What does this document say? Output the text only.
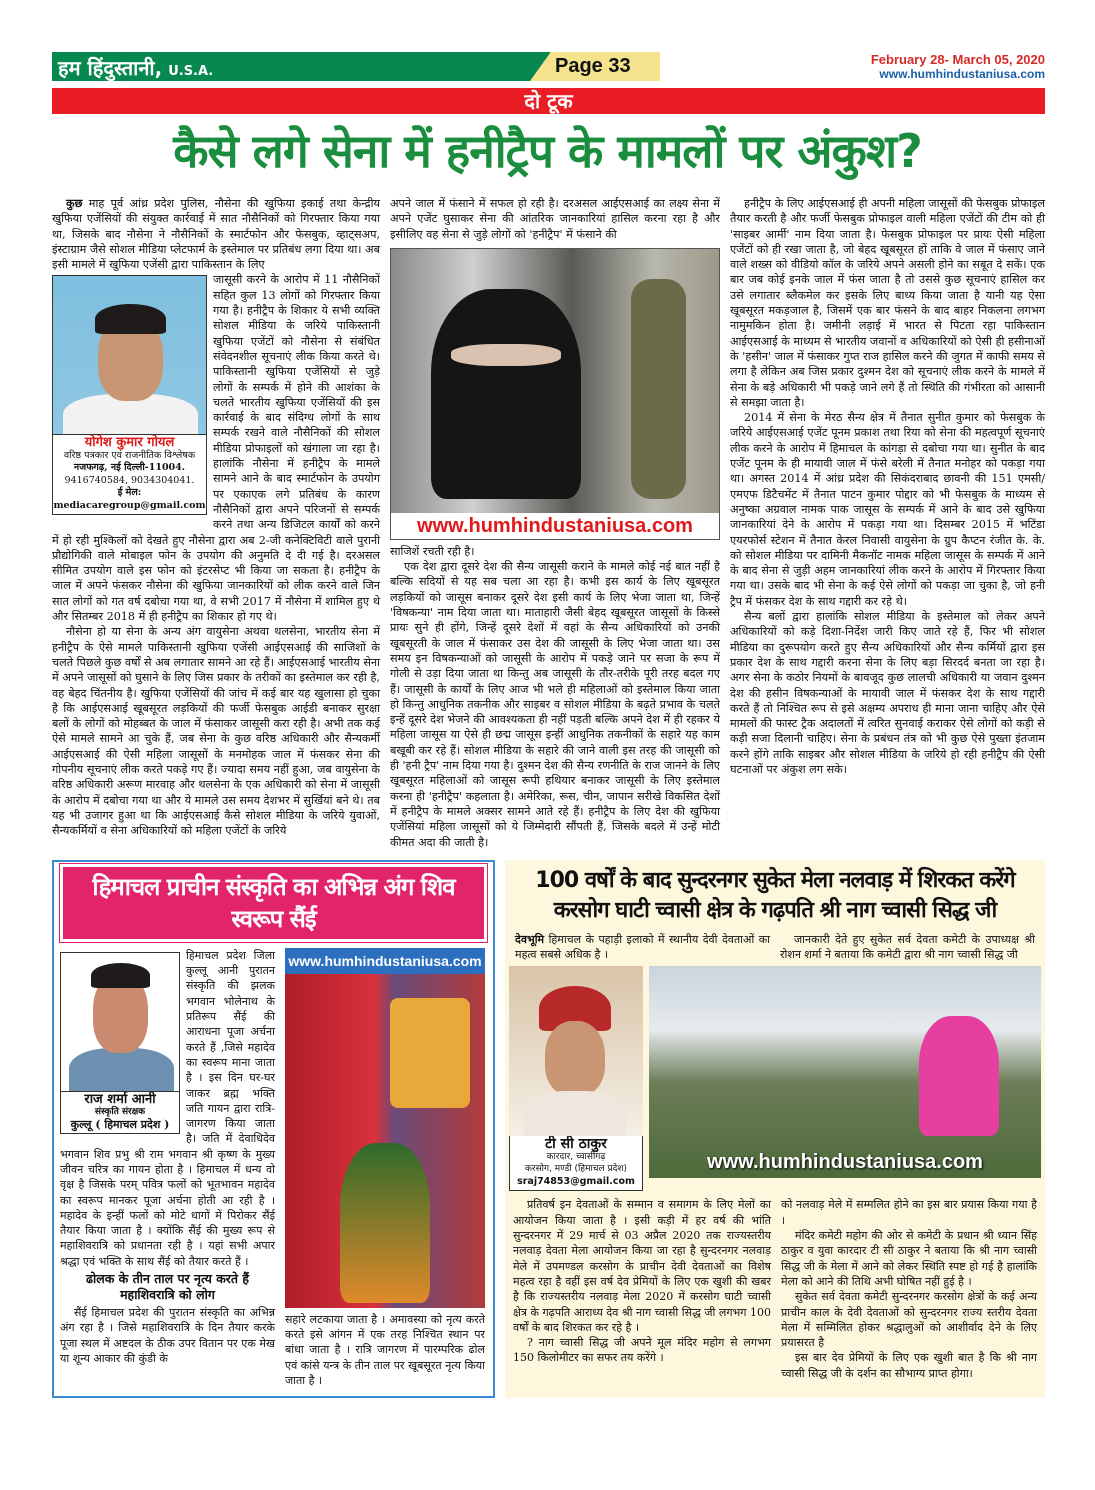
हम हिंदुस्तानी, U.S.A.	Page 33	February 28- March 05, 2020
www.humhindustaniusa.com
दो टूक
कैसे लगे सेना में हनीट्रैप के मामलों पर अंकुश?

कुछ माह पूर्व आंध्र प्रदेश पुलिस, नौसेना की खुफिया इकाई तथा केन्द्रीय खुफिया एजेंसियों की संयुक्त कार्रवाई में सात नौसैनिकों को गिरफ्तार किया गया था, जिसके बाद नौसेना ने नौसैनिकों के स्मार्टफोन और फेसबुक, व्हाट्सअप, इंस्टाग्राम जैसे सोशल मीडिया प्लेटफार्म के इस्तेमाल पर प्रतिबंध लगा दिया था। अब इसी मामले में खुफिया एजेंसी द्वारा पाकिस्तान के लिए

योगेश कुमार गोयल
वरिष्ठ पत्रकार एवं राजनीतिक विश्लेषक
नजफगढ़, नई दिल्ली-11004.
9416740584, 9034304041.
ई मेल: mediacaregroup@gmail.com

जासूसी करने के आरोप में 11 नौसैनिकों सहित कुल 13 लोगों को गिरफ्तार किया गया है। हनीट्रैप के शिकार ये सभी व्यक्ति सोशल मीडिया के जरिये पाकिस्तानी खुफिया एजेंटों को नौसेना से संबंधित संवेदनशील सूचनाएं लीक किया करते थे। पाकिस्तानी खुफिया एजेंसियों से जुड़े लोगों के सम्पर्क में होने की आशंका के चलते भारतीय खुफिया एजेंसियों की इस कार्रवाई के बाद संदिग्ध लोगों के साथ सम्पर्क रखने वाले नौसैनिकों की सोशल मीडिया प्रोफाइलों को खंगाला जा रहा है। हालांकि नौसेना में हनीट्रैप के मामले सामने आने के बाद स्मार्टफोन के उपयोग पर एकाएक लगे प्रतिबंध के कारण नौसैनिकों द्वारा अपने परिजनों से सम्पर्क करने तथा अन्य डिजिटल कार्यों को करने में हो रही मुश्किलों को देखते हुए नौसेना द्वारा अब 2-जी कनेक्टिविटी वाले पुरानी प्रौद्योगिकी वाले मोबाइल फोन के उपयोग की अनुमति दे दी गई है। दरअसल सीमित उपयोग वाले इस फोन को इंटरसेप्ट भी किया जा सकता है। हनीट्रैप के जाल में अपने फंसकर नौसेना की खुफिया जानकारियों को लीक करने वाले जिन सात लोगों को गत वर्ष दबोचा गया था, वे सभी 2017 में नौसेना में शामिल हुए थे और सितम्बर 2018 में ही हनीट्रैप का शिकार हो गए थे।

नौसेना हो या सेना के अन्य अंग वायुसेना अथवा थलसेना, भारतीय सेना में हनीट्रैप के ऐसे मामले पाकिस्तानी खुफिया एजेंसी आईएसआई की साजिशों के चलते पिछले कुछ वर्षों से अब लगातार सामने आ रहे हैं। आईएसआई भारतीय सेना में अपने जासूसों को घुसाने के लिए जिस प्रकार के तरीकों का इस्तेमाल कर रही है, वह बेहद चिंतनीय है। खुफिया एजेंसियों की जांच में कई बार यह खुलासा हो चुका है कि आईएसआई खूबसूरत लड़कियों की फर्जी फेसबुक आईडी बनाकर सुरक्षा बलों के लोगों को मोहब्बत के जाल में फंसाकर जासूसी करा रही है। अभी तक कई ऐसे मामले सामने आ चुके हैं, जब सेना के कुछ वरिष्ठ अधिकारी और सैन्यकर्मी आईएसआई की ऐसी महिला जासूसों के मनमोहक जाल में फंसकर सेना की गोपनीय सूचनाएं लीक करते पकड़े गए हैं। ज्यादा समय नहीं हुआ, जब वायुसेना के वरिष्ठ अधिकारी अरूण मारवाह और थलसेना के एक अधिकारी को सेना में जासूसी के आरोप में दबोचा गया था और ये मामले उस समय देशभर में सुर्खियां बने थे। तब यह भी उजागर हुआ था कि आईएसआई कैसे सोशल मीडिया के जरिये युवाओं, सैन्यकर्मियों व सेना अधिकारियों को महिला एजेंटों के जरिये

अपने जाल में फंसाने में सफल हो रही है। दरअसल आईएसआई का लक्ष्य सेना में अपने एजेंट घुसाकर सेना की आंतरिक जानकारियां हासिल करना रहा है और इसीलिए वह सेना से जुड़े लोगों को 'हनीट्रैप' में फंसाने की

www.humhindustaniusa.com

साजिशें रचती रही है।

एक देश द्वारा दूसरे देश की सैन्य जासूसी कराने के मामले कोई नई बात नहीं है बल्कि सदियों से यह सब चला आ रहा है। कभी इस कार्य के लिए खूबसूरत लड़कियों को जासूस बनाकर दूसरे देश इसी कार्य के लिए भेजा जाता था, जिन्हें 'विषकन्या' नाम दिया जाता था। माताहारी जैसी बेहद खूबसूरत जासूसों के किस्से प्रायः सुने ही होंगे, जिन्हें दूसरे देशों में वहां के सैन्य अधिकारियों को उनकी खूबसूरती के जाल में फंसाकर उस देश की जासूसी के लिए भेजा जाता था। उस समय इन विषकन्याओं को जासूसी के आरोप में पकड़े जाने पर सजा के रूप में गोली से उड़ा दिया जाता था किन्तु अब जासूसी के तौर-तरीके पूरी तरह बदल गए हैं। जासूसी के कार्यों के लिए आज भी भले ही महिलाओं को इस्तेमाल किया जाता हो किन्तु आधुनिक तकनीक और साइबर व सोशल मीडिया के बढ़ते प्रभाव के चलते इन्हें दूसरे देश भेजने की आवश्यकता ही नहीं पड़ती बल्कि अपने देश में ही रहकर ये महिला जासूस या ऐसे ही छद्म जासूस इन्हीं आधुनिक तकनीकों के सहारे यह काम बखूबी कर रहे हैं। सोशल मीडिया के सहारे की जाने वाली इस तरह की जासूसी को ही 'हनी ट्रैप' नाम दिया गया है। दुश्मन देश की सैन्य रणनीति के राज जानने के लिए खूबसूरत महिलाओं को जासूस रूपी हथियार बनाकर जासूसी के लिए इस्तेमाल करना ही 'हनीट्रैप' कहलाता है। अमेरिका, रूस, चीन, जापान सरीखे विकसित देशों में हनीट्रैप के मामले अक्सर सामने आते रहे हैं। हनीट्रैप के लिए देश की खुफिया एजेंसियां महिला जासूसों को ये जिम्मेदारी सौंपती हैं, जिसके बदले में उन्हें मोटी कीमत अदा की जाती है।

हनीट्रैप के लिए आईएसआई ही अपनी महिला जासूसों की फेसबुक प्रोफाइल तैयार करती है और फर्जी फेसबुक प्रोफाइल वाली महिला एजेंटों की टीम को ही 'साइबर आर्मी' नाम दिया जाता है। फेसबुक प्रोफाइल पर प्रायः ऐसी महिला एजेंटों को ही रखा जाता है, जो बेहद खूबसूरत हों ताकि वे जाल में फंसाए जाने वाले शख्स को वीडियो कॉल के जरिये अपने असली होने का सबूत दे सकें। एक बार जब कोई इनके जाल में फंस जाता है तो उससे कुछ सूचनाएं हासिल कर उसे लगातार ब्लैकमेल कर इसके लिए बाध्य किया जाता है यानी यह ऐसा खूबसूरत मकड़जाल है, जिसमें एक बार फंसने के बाद बाहर निकलना लगभग नामुमकिन होता है। जमीनी लड़ाई में भारत से पिटता रहा पाकिस्तान आईएसआई के माध्यम से भारतीय जवानों व अधिकारियों को ऐसी ही हसीनाओं के 'हसीन' जाल में फंसाकर गुप्त राज हासिल करने की जुगत में काफी समय से लगा है लेकिन अब जिस प्रकार दुश्मन देश को सूचनाएं लीक करने के मामले में सेना के बड़े अधिकारी भी पकड़े जाने लगे हैं तो स्थिति की गंभीरता को आसानी से समझा जाता है।

2014 में सेना के मेरठ सैन्य क्षेत्र में तैनात सुनीत कुमार को फेसबुक के जरिये आईएसआई एजेंट पूनम प्रकाश तथा रिया को सेना की महत्वपूर्ण सूचनाएं लीक करने के आरोप में हिमाचल के कांगड़ा से दबोचा गया था। सुनीत के बाद एजेंट पूनम के ही मायावी जाल में फंसे बरेली में तैनात मनोहर को पकड़ा गया था। अगस्त 2014 में आंध्र प्रदेश की सिकंदराबाद छावनी की 151 एमसी/एमएफ डिटैचमेंट में तैनात पाटन कुमार पोद्दार को भी फेसबुक के माध्यम से अनुष्का अग्रवाल नामक पाक जासूस के सम्पर्क में आने के बाद उसे खुफिया जानकारियां देने के आरोप में पकड़ा गया था। दिसम्बर 2015 में भटिंडा एयरफोर्स स्टेशन में तैनात केरल निवासी वायुसेना के ग्रुप कैप्टन रंजीत के. के. को सोशल मीडिया पर दामिनी मैकनॉट नामक महिला जासूस के सम्पर्क में आने के बाद सेना से जुड़ी अहम जानकारियां लीक करने के आरोप में गिरफ्तार किया गया था। उसके बाद भी सेना के कई ऐसे लोगों को पकड़ा जा चुका है, जो हनी ट्रैप में फंसकर देश के साथ गद्दारी कर रहे थे।

सैन्य बलों द्वारा हालांकि सोशल मीडिया के इस्तेमाल को लेकर अपने अधिकारियों को कड़े दिशा-निर्देश जारी किए जाते रहे हैं, फिर भी सोशल मीडिया का दुरूपयोग करते हुए सैन्य अधिकारियों और सैन्य कर्मियों द्वारा इस प्रकार देश के साथ गद्दारी करना सेना के लिए बड़ा सिरदर्द बनता जा रहा है। अगर सेना के कठोर नियमों के बावजूद कुछ लालची अधिकारी या जवान दुश्मन देश की हसीन विषकन्याओं के मायावी जाल में फंसकर देश के साथ गद्दारी करते हैं तो निश्चित रूप से इसे अक्षम्य अपराध ही माना जाना चाहिए और ऐसे मामलों की फास्ट ट्रैक अदालतों में त्वरित सुनवाई कराकर ऐसे लोगों को कड़ी से कड़ी सजा दिलानी चाहिए। सेना के प्रबंधन तंत्र को भी कुछ ऐसे पुख्ता इंतजाम करने होंगे ताकि साइबर और सोशल मीडिया के जरिये हो रही हनीट्रैप की ऐसी घटनाओं पर अंकुश लग सके।

हिमाचल प्राचीन संस्कृति का अभिन्न अंग शिव स्वरूप सैंई
राज शर्मा आनी
संस्कृति संरक्षक
कुल्लू ( हिमाचल प्रदेश )

हिमाचल प्रदेश जिला कुल्लू आनी पुरातन संस्कृति की झलक भगवान भोलेनाथ के प्रतिरूप सैंई की आराधना पूजा अर्चना करते हैं ,जिसे महादेव का स्वरूप माना जाता है । इस दिन घर-घर जाकर ब्रह्म भक्ति जति गायन द्वारा रात्रि-जागरण किया जाता है। जति में देवाधिदेव भगवान शिव प्रभु श्री राम भगवान श्री कृष्ण के मुख्य जीवन चरित्र का गायन होता है । हिमाचल में धन्य वो वृक्ष है जिसके परम् पवित्र फलों को भूतभावन महादेव का स्वरूप मानकर पूजा अर्चना होती आ रही है । महादेव के इन्हीं फलों को मोटे धागों में पिरोकर सैंई तैयार किया जाता है । क्योंकि सैंई की मुख्य रूप से महाशिवरात्रि को प्रधानता रही है । यहां सभी अपार श्रद्धा एवं भक्ति के साथ सैंई को तैयार करते हैं ।

ढोलक के तीन ताल पर नृत्य करते हैं महाशिवरात्रि को लोग

सैंई हिमाचल प्रदेश की पुरातन संस्कृति का अभिन्न अंग रहा है । जिसे महाशिवरात्रि के दिन तैयार करके पूजा स्थल में अष्टदल के ठीक उपर वितान पर एक मेख या शून्य आकार की कुंडी के

www.humhindustaniusa.com

सहारे लटकाया जाता है । अमावस्या को नृत्य करते करते इसे आंगन में एक तरह निश्चित स्थान पर बांधा जाता है । रात्रि जागरण में पारम्परिक ढोल एवं कांसे यन्त्र के तीन ताल पर खूबसूरत नृत्य किया जाता है ।

100 वर्षों के बाद सुन्दरनगर सुकेत मेला नलवाड़ में शिरकत करेंगे
करसोग घाटी च्वासी क्षेत्र के गढ़पति श्री नाग च्वासी सिद्ध जी

देवभूमि हिमाचल के पहाड़ी इलाको में स्थानीय देवी देवताओं का महत्व सबसे अधिक है ।

जानकारी देते हुए सुकेत सर्व देवता कमेटी के उपाध्यक्ष श्री रोशन शर्मा ने बताया कि कमेटी द्वारा श्री नाग च्वासी सिद्ध जी

टी सी ठाकुर
कारदार, च्वासीगढ़
करसोग, मण्डी (हिमाचल प्रदेश)
sraj74853@gmail.com
www.humhindustaniusa.com

प्रतिवर्ष इन देवताओं के सम्मान व समागम के लिए मेलों का आयोजन किया जाता है । इसी कड़ी में हर वर्ष की भांति सुन्दरनगर में 29 मार्च से 03 अप्रैल 2020 तक राज्यस्तरीय नलवाड़ देवता मेला आयोजन किया जा रहा है सुन्दरनगर नलवाड़ मेले में उपमण्डल करसोग के प्राचीन देवी देवताओं का विशेष महत्व रहा है वहीं इस वर्ष देव प्रेमियों के लिए एक खुशी की खबर है कि राज्यस्तरीय नलवाड़ मेला 2020 में करसोग घाटी च्वासी क्षेत्र के गढ़पति आराध्य देव श्री नाग च्वासी सिद्ध जी लगभग 100 वर्षों के बाद शिरकत कर रहे है ।

? नाग च्वासी सिद्ध जी अपने मूल मंदिर महोग से लगभग 150 किलोमीटर का सफर तय करेंगे ।

को नलवाड़ मेले में सम्मलित होने का इस बार प्रयास किया गया है ।

मंदिर कमेटी महोग की ओर से कमेटी के प्रधान श्री ध्यान सिंह ठाकुर व युवा कारदार टी सी ठाकुर ने बताया कि श्री नाग च्वासी सिद्ध जी के मेला में आने को लेकर स्थिति स्पष्ट हो गई है हालांकि मेला को आने की तिथि अभी घोषित नहीं हुई है ।

सुकेत सर्व देवता कमेटी सुन्दरनगर करसोग क्षेत्रों के कई अन्य प्राचीन काल के देवी देवताओं को सुन्दरनगर राज्य स्तरीय देवता मेला में सम्मिलित होकर श्रद्धालुओं को आशीर्वाद देने के लिए प्रयासरत है

इस बार देव प्रेमियों के लिए एक खुशी बात है कि श्री नाग च्वासी सिद्ध जी के दर्शन का सौभाग्य प्राप्त होगा।
